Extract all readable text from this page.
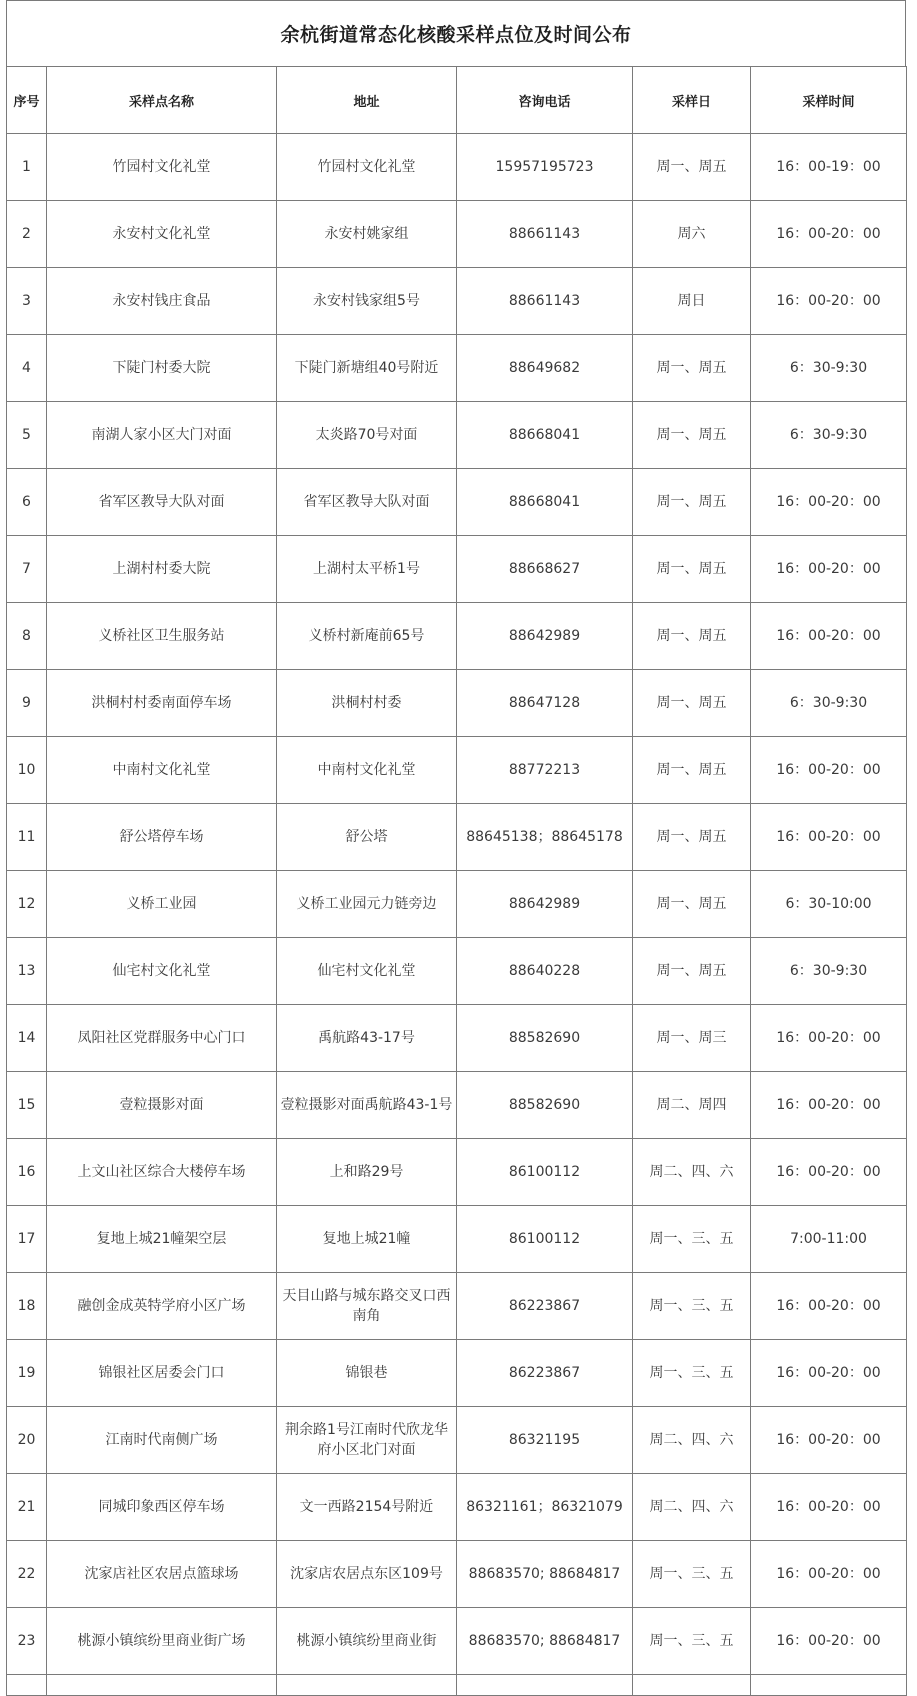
余杭街道常态化核酸采样点位及时间公布
序号	采样点名称	地址	咨询电话	采样日	采样时间
1	竹园村文化礼堂	竹园村文化礼堂	15957195723	周一、周五	16：00-19：00
2	永安村文化礼堂	永安村姚家组	88661143	周六	16：00-20：00
3	永安村钱庄食品	永安村钱家组5号	88661143	周日	16：00-20：00
4	下陡门村委大院	下陡门新塘组40号附近	88649682	周一、周五	6：30-9:30
5	南湖人家小区大门对面	太炎路70号对面	88668041	周一、周五	6：30-9:30
6	省军区教导大队对面	省军区教导大队对面	88668041	周一、周五	16：00-20：00
7	上湖村村委大院	上湖村太平桥1号	88668627	周一、周五	16：00-20：00
8	义桥社区卫生服务站	义桥村新庵前65号	88642989	周一、周五	16：00-20：00
9	洪桐村村委南面停车场	洪桐村村委	88647128	周一、周五	6：30-9:30
10	中南村文化礼堂	中南村文化礼堂	88772213	周一、周五	16：00-20：00
11	舒公塔停车场	舒公塔	88645138；88645178	周一、周五	16：00-20：00
12	义桥工业园	义桥工业园元力链旁边	88642989	周一、周五	6：30-10:00
13	仙宅村文化礼堂	仙宅村文化礼堂	88640228	周一、周五	6：30-9:30
14	凤阳社区党群服务中心门口	禹航路43-17号	88582690	周一、周三	16：00-20：00
15	壹粒摄影对面	壹粒摄影对面禹航路43-1号	88582690	周二、周四	16：00-20：00
16	上文山社区综合大楼停车场	上和路29号	86100112	周二、四、六	16：00-20：00
17	复地上城21幢架空层	复地上城21幢	86100112	周一、三、五	7:00-11:00
18	融创金成英特学府小区广场	天目山路与城东路交叉口西南角	86223867	周一、三、五	16：00-20：00
19	锦银社区居委会门口	锦银巷	86223867	周一、三、五	16：00-20：00
20	江南时代南侧广场	荆余路1号江南时代欣龙华府小区北门对面	86321195	周二、四、六	16：00-20：00
21	同城印象西区停车场	文一西路2154号附近	86321161；86321079	周二、四、六	16：00-20：00
22	沈家店社区农居点篮球场	沈家店农居点东区109号	88683570; 88684817	周一、三、五	16：00-20：00
23	桃源小镇缤纷里商业街广场	桃源小镇缤纷里商业街	88683570; 88684817	周一、三、五	16：00-20：00
